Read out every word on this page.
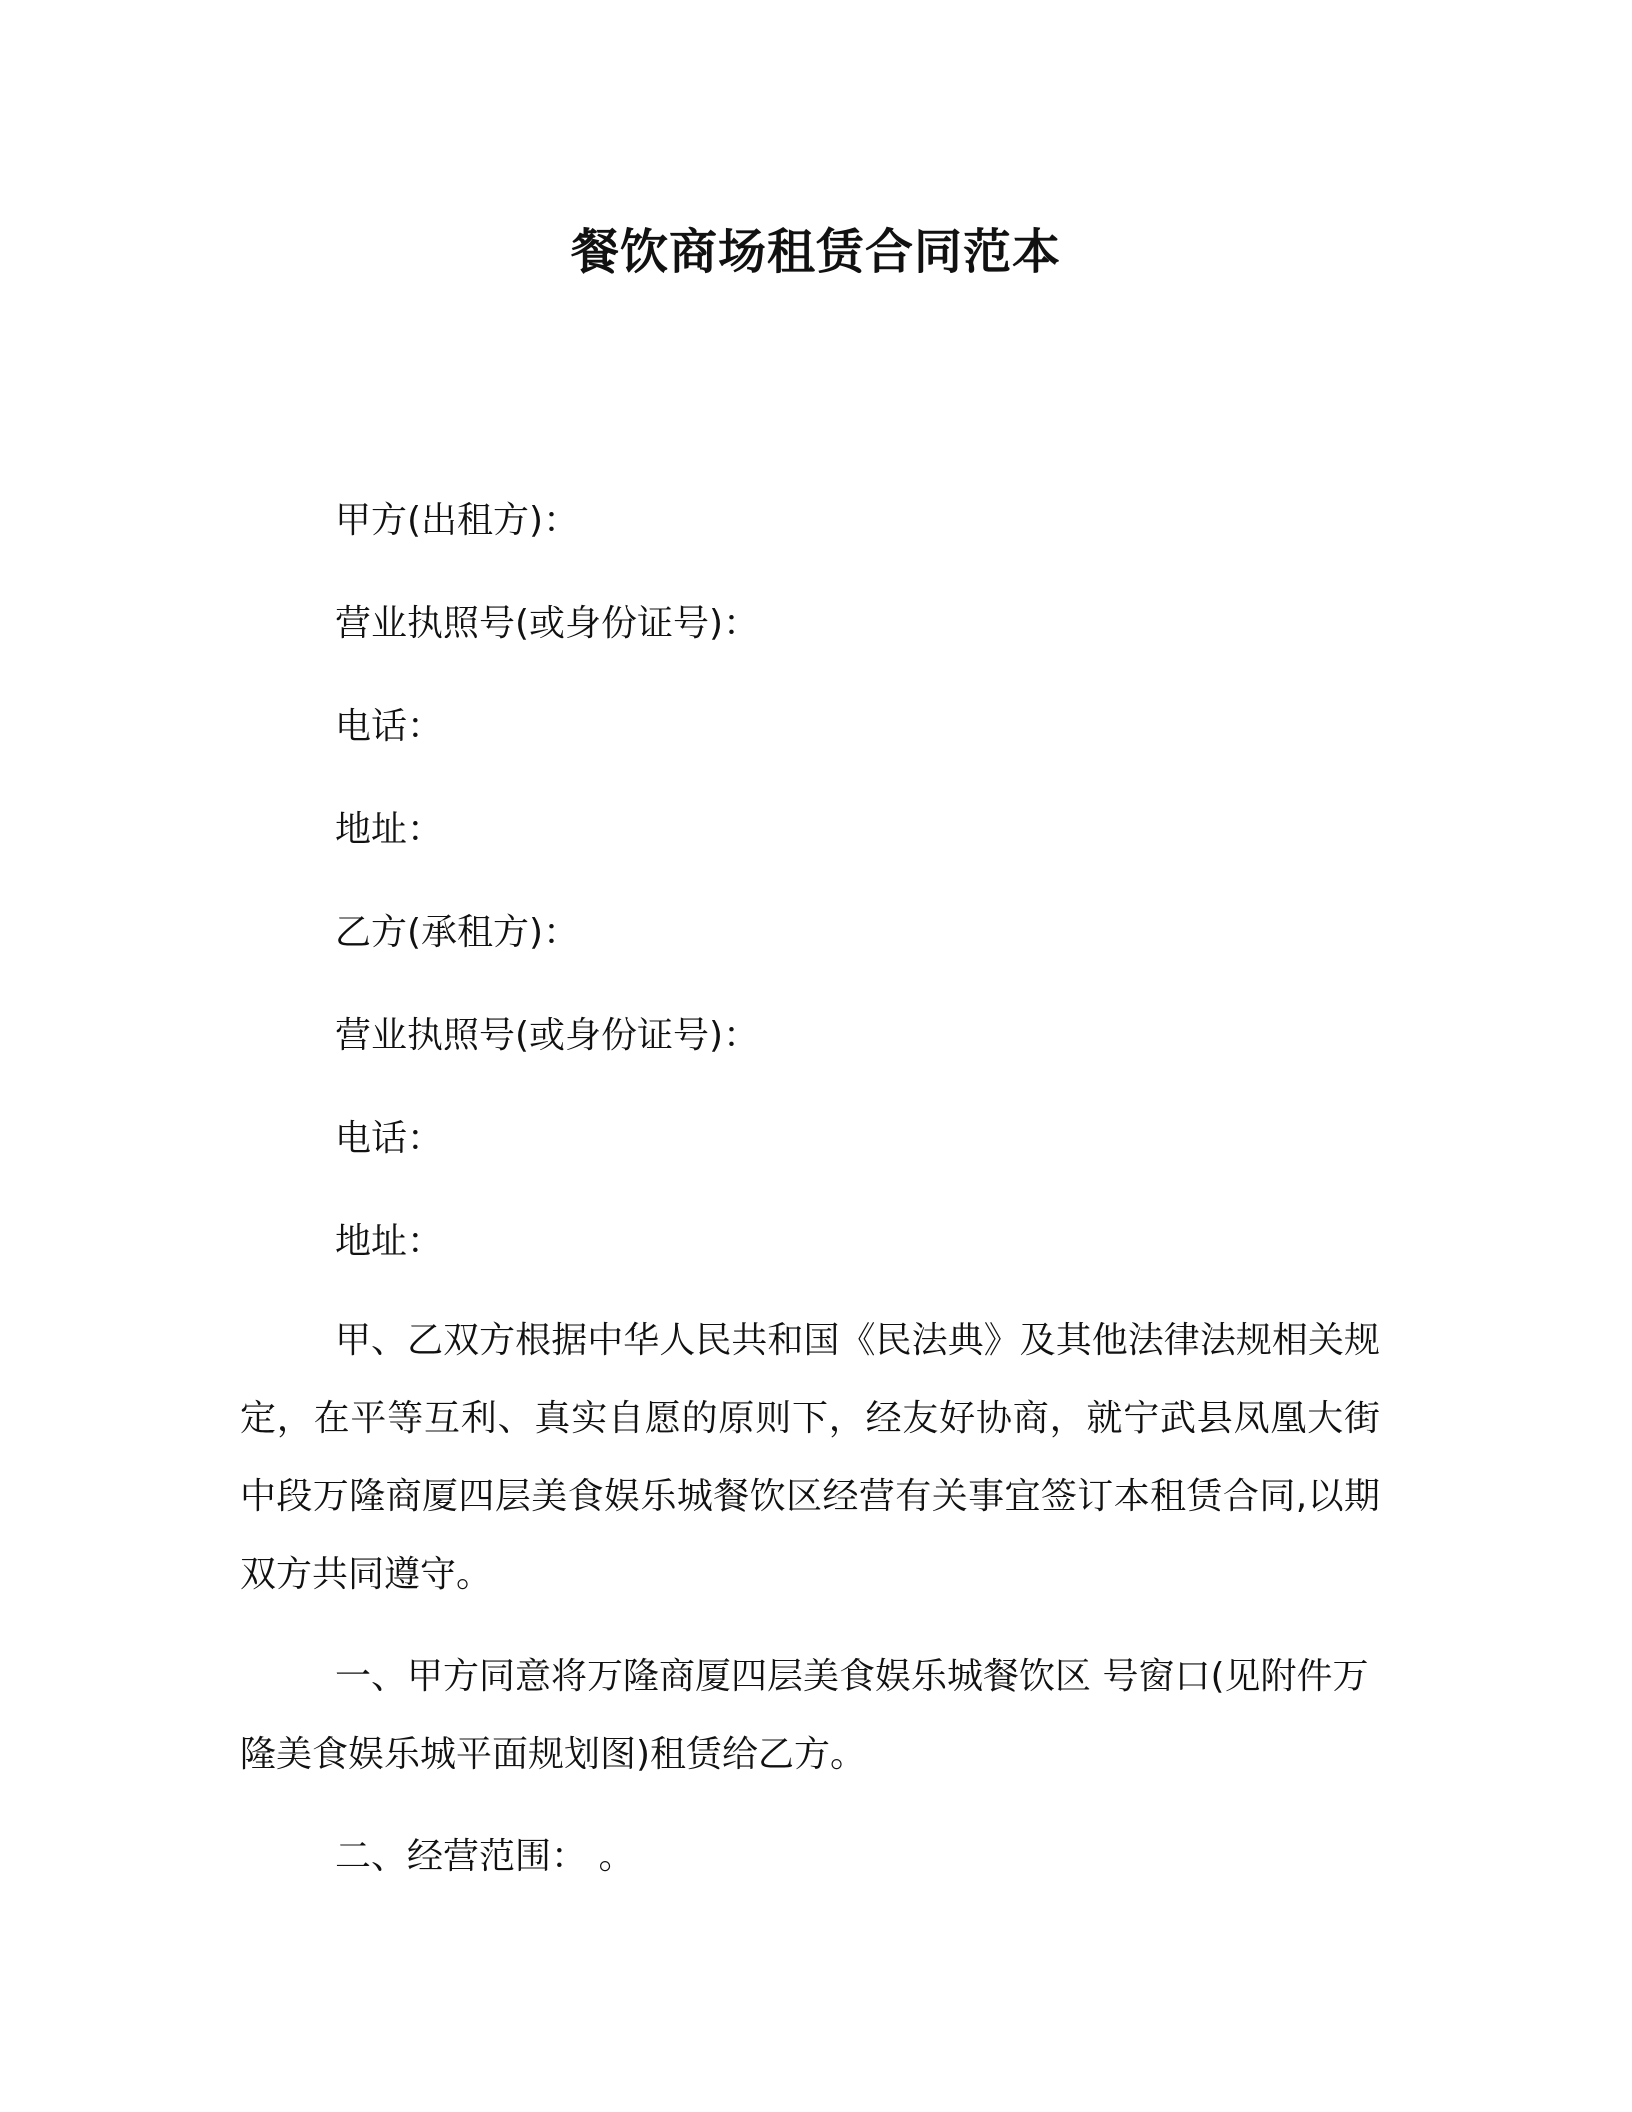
餐饮商场租赁合同范本
甲方(出租方)：
营业执照号(或身份证号)：
电话：
地址：
乙方(承租方)：
营业执照号(或身份证号)：
电话：
地址：
甲、乙双方根据中华人民共和国《民法典》及其他法律法规相关规定，在平等互利、真实自愿的原则下，经友好协商，就宁武县凤凰大街中段万隆商厦四层美食娱乐城餐饮区经营有关事宜签订本租赁合同,以期双方共同遵守。
一、甲方同意将万隆商厦四层美食娱乐城餐饮区 号窗口(见附件万隆美食娱乐城平面规划图)租赁给乙方。
二、经营范围： 。
